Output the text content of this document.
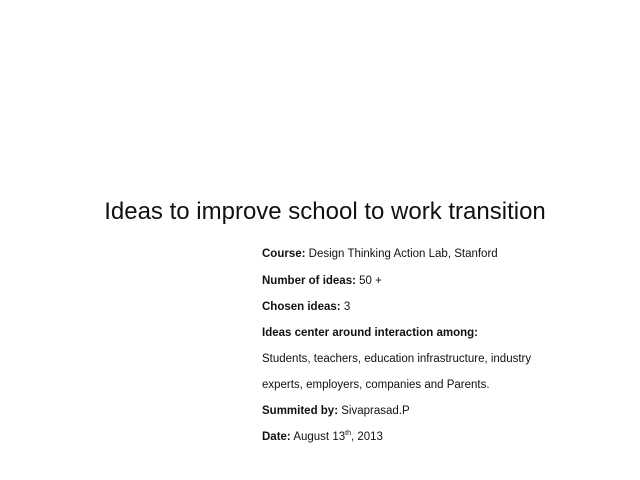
Ideas to improve school to work transition
Course: Design Thinking Action Lab, Stanford
Number of ideas: 50 +
Chosen ideas: 3
Ideas center around interaction among:
Students, teachers, education infrastructure, industry
experts, employers, companies and Parents.
Summited by: Sivaprasad.P
Date: August 13th, 2013
